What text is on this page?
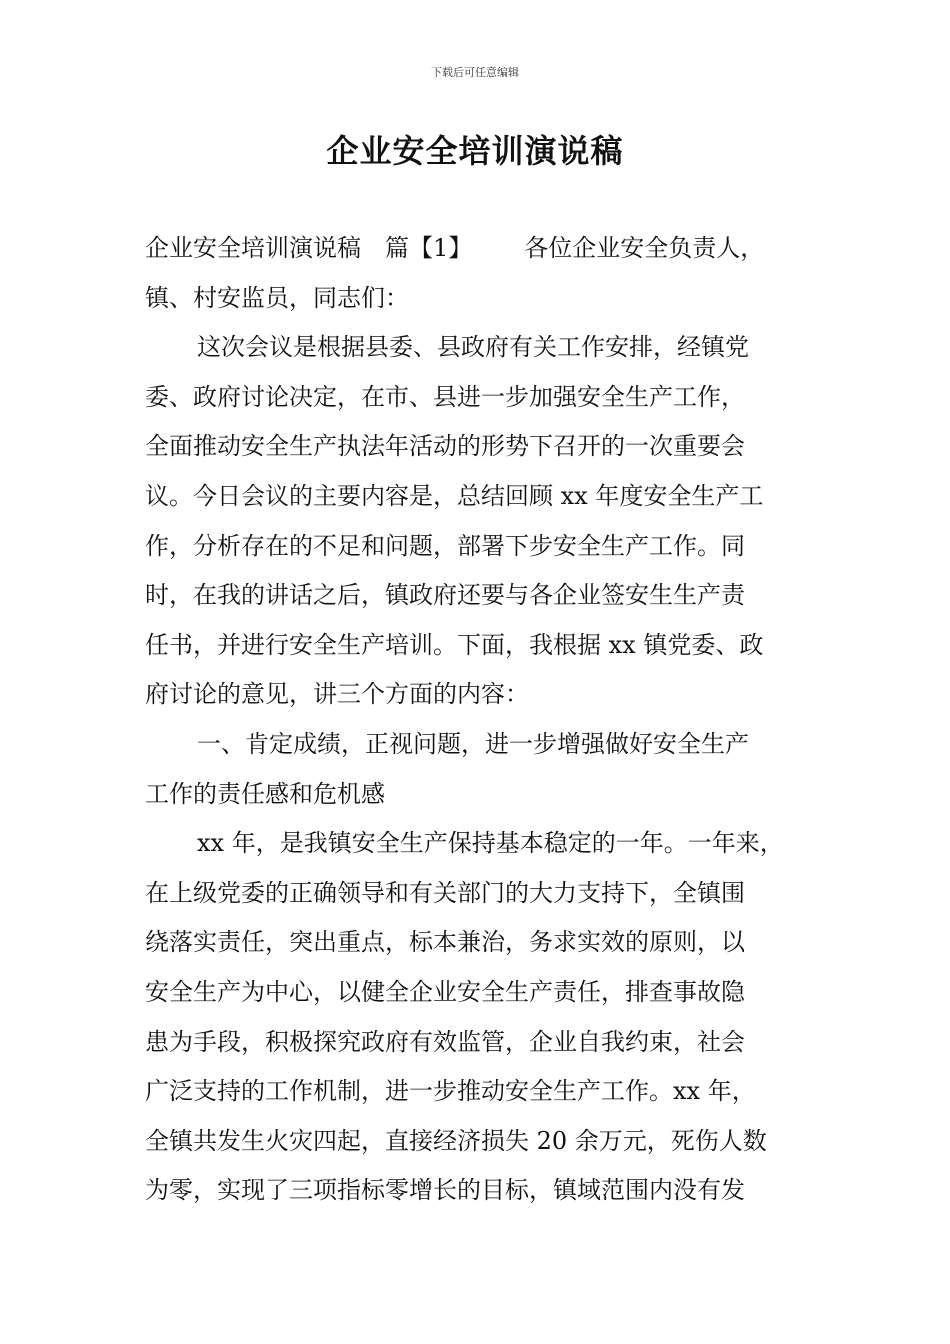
下载后可任意编辑
企业安全培训演说稿
企业安全培训演说稿 篇【1】 各位企业安全负责人，
镇、村安监员，同志们：
这次会议是根据县委、县政府有关工作安排，经镇党
委、政府讨论决定，在市、县进一步加强安全生产工作，
全面推动安全生产执法年活动的形势下召开的一次重要会
议。今日会议的主要内容是，总结回顾 xx 年度安全生产工
作，分析存在的不足和问题，部署下步安全生产工作。同
时，在我的讲话之后，镇政府还要与各企业签安生生产责
任书，并进行安全生产培训。下面，我根据 xx 镇党委、政
府讨论的意见，讲三个方面的内容：
一、肯定成绩，正视问题，进一步增强做好安全生产
工作的责任感和危机感
xx 年，是我镇安全生产保持基本稳定的一年。一年来，
在上级党委的正确领导和有关部门的大力支持下，全镇围
绕落实责任，突出重点，标本兼治，务求实效的原则，以
安全生产为中心，以健全企业安全生产责任，排查事故隐
患为手段，积极探究政府有效监管，企业自我约束，社会
广泛支持的工作机制，进一步推动安全生产工作。xx 年，
全镇共发生火灾四起，直接经济损失 20 余万元，死伤人数
为零，实现了三项指标零增长的目标，镇域范围内没有发
